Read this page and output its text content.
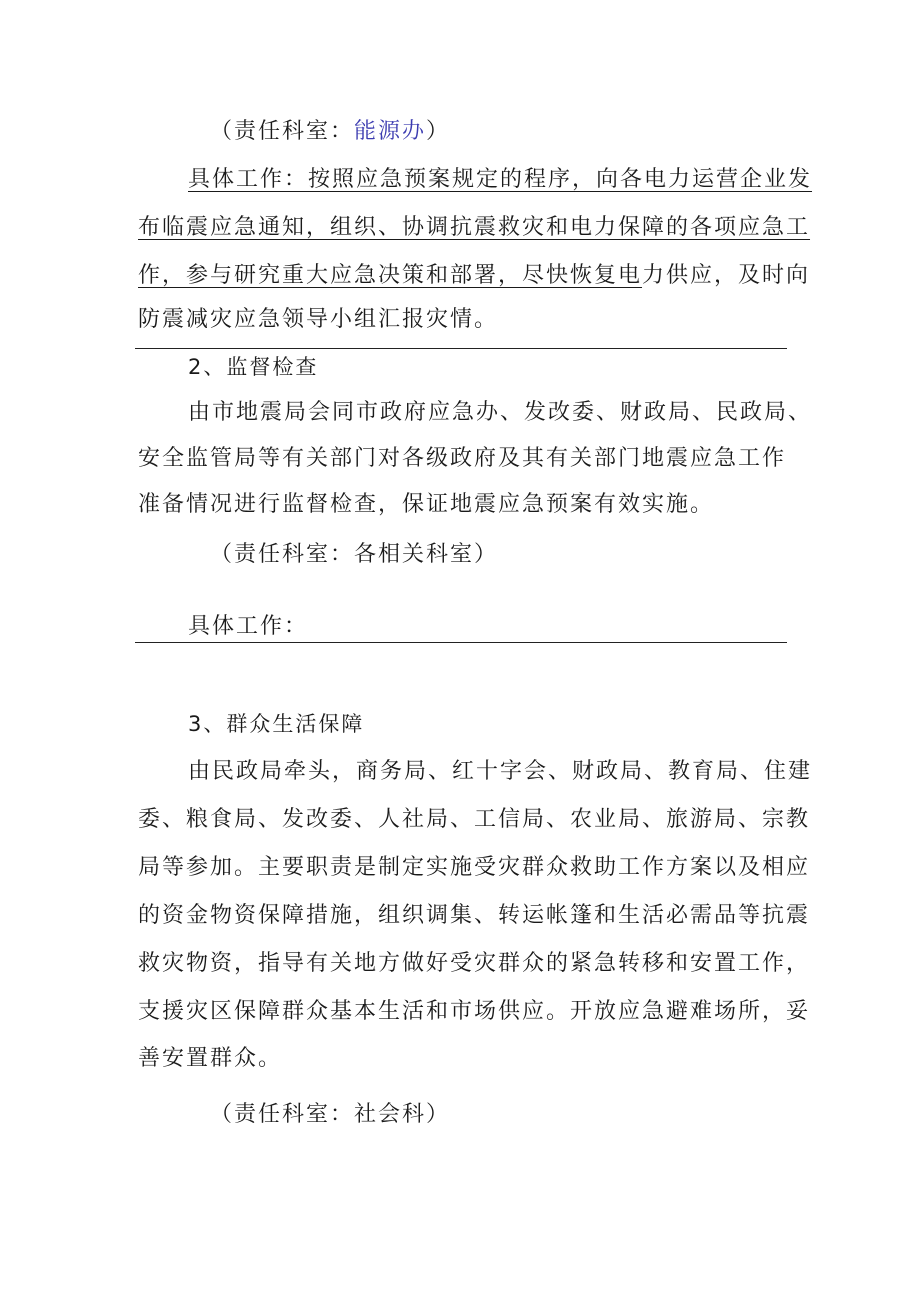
（责任科室：能源办）
具体工作：按照应急预案规定的程序，向各电力运营企业发
布临震应急通知，组织、协调抗震救灾和电力保障的各项应急工
作，参与研究重大应急决策和部署，尽快恢复电力供应，及时向
防震减灾应急领导小组汇报灾情。
2、监督检查
由市地震局会同市政府应急办、发改委、财政局、民政局、
安全监管局等有关部门对各级政府及其有关部门地震应急工作
准备情况进行监督检查，保证地震应急预案有效实施。
（责任科室：各相关科室）
具体工作：
3、群众生活保障
由民政局牵头，商务局、红十字会、财政局、教育局、住建
委、粮食局、发改委、人社局、工信局、农业局、旅游局、宗教
局等参加。主要职责是制定实施受灾群众救助工作方案以及相应
的资金物资保障措施，组织调集、转运帐篷和生活必需品等抗震
救灾物资，指导有关地方做好受灾群众的紧急转移和安置工作，
支援灾区保障群众基本生活和市场供应。开放应急避难场所，妥
善安置群众。
（责任科室：社会科）
